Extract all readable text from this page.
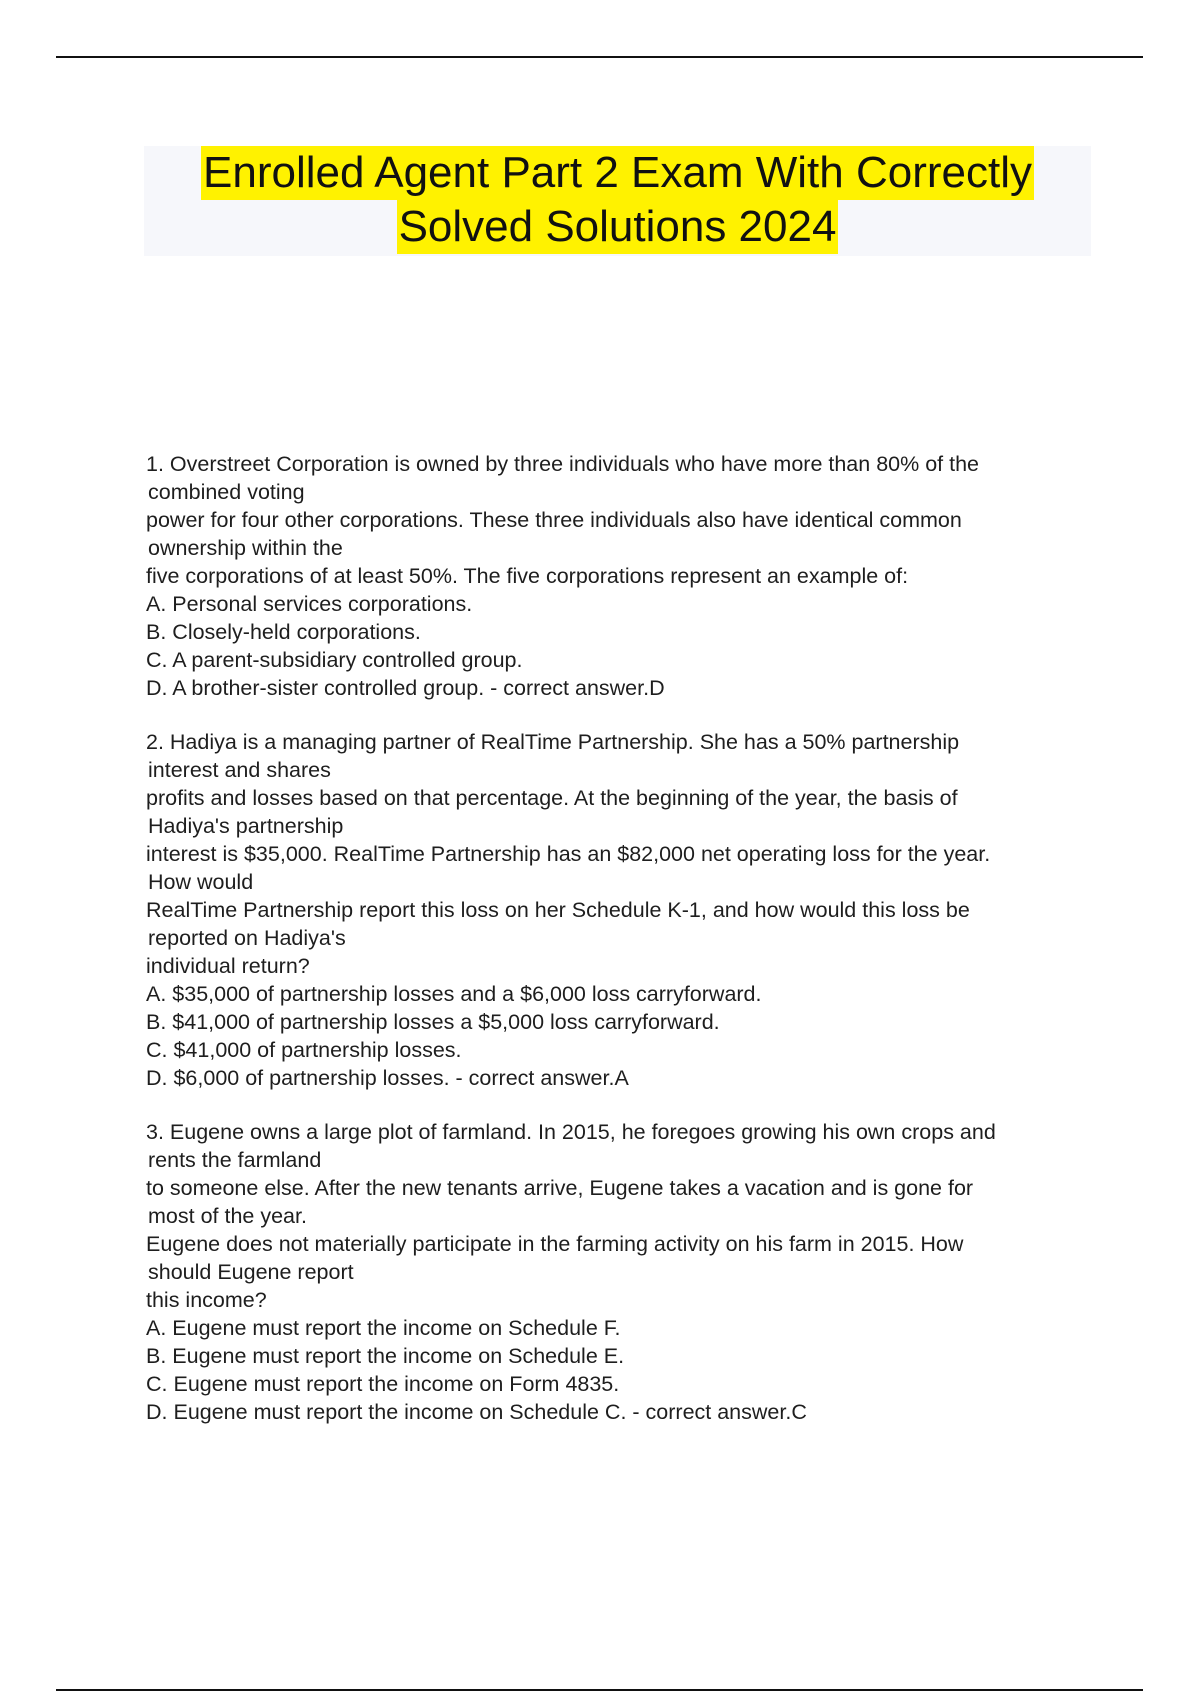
Enrolled Agent Part 2 Exam With Correctly
Solved Solutions 2024
1. Overstreet Corporation is owned by three individuals who have more than 80% of the
combined voting
power for four other corporations. These three individuals also have identical common
ownership within the
five corporations of at least 50%. The five corporations represent an example of:
A. Personal services corporations.
B. Closely-held corporations.
C. A parent-subsidiary controlled group.
D. A brother-sister controlled group. - correct answer.D
2. Hadiya is a managing partner of RealTime Partnership. She has a 50% partnership
interest and shares
profits and losses based on that percentage. At the beginning of the year, the basis of
Hadiya's partnership
interest is $35,000. RealTime Partnership has an $82,000 net operating loss for the year.
How would
RealTime Partnership report this loss on her Schedule K-1, and how would this loss be
reported on Hadiya's
individual return?
A. $35,000 of partnership losses and a $6,000 loss carryforward.
B. $41,000 of partnership losses a $5,000 loss carryforward.
C. $41,000 of partnership losses.
D. $6,000 of partnership losses. - correct answer.A
3. Eugene owns a large plot of farmland. In 2015, he foregoes growing his own crops and
rents the farmland
to someone else. After the new tenants arrive, Eugene takes a vacation and is gone for
most of the year.
Eugene does not materially participate in the farming activity on his farm in 2015. How
should Eugene report
this income?
A. Eugene must report the income on Schedule F.
B. Eugene must report the income on Schedule E.
C. Eugene must report the income on Form 4835.
D. Eugene must report the income on Schedule C. - correct answer.C
